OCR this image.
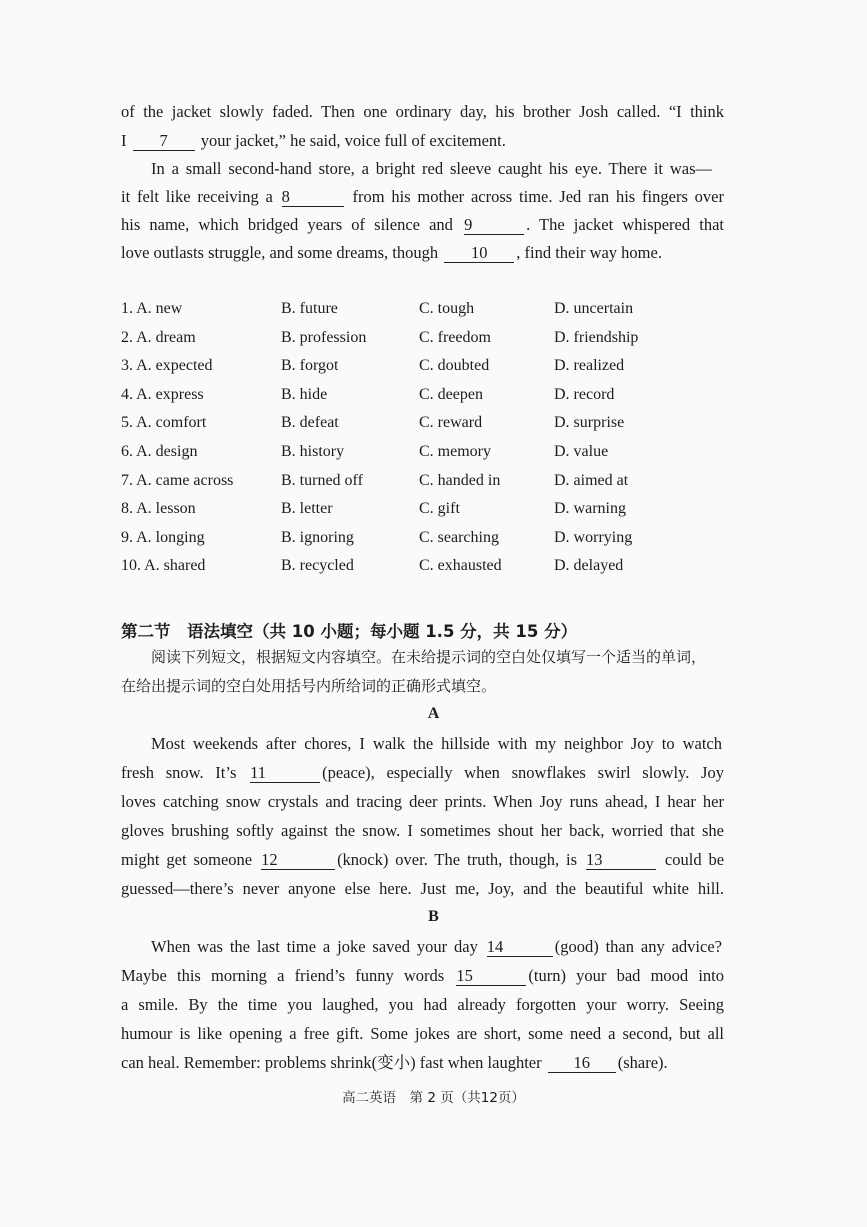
of the jacket slowly faded. Then one ordinary day, his brother Josh called. “I think
I 7 your jacket,” he said, voice full of excitement.
In a small second-hand store, a bright red sleeve caught his eye. There it was—
it felt like receiving a 8	from his mother across time. Jed ran his fingers over
his name, which bridged years of silence and 9	. The jacket whispered that
love outlasts struggle, and some dreams, though 10 , find their way home.
1. A. new	B. future	C. tough	D. uncertain
2. A. dream	B. profession	C. freedom	D. friendship
3. A. expected	B. forgot	C. doubted	D. realized
4. A. express	B. hide	C. deepen	D. record
5. A. comfort	B. defeat	C. reward	D. surprise
6. A. design	B. history	C. memory	D. value
7. A. came across	B. turned off	C. handed in	D. aimed at
8. A. lesson	B. letter	C. gift	D. warning
9. A. longing	B. ignoring	C. searching	D. worrying
10. A. shared	B. recycled	C. exhausted	D. delayed
第二节　语法填空（共 10 小题；每小题 1.5 分，共 15 分）
阅读下列短文，根据短文内容填空。在未给提示词的空白处仅填写一个适当的单词，
在给出提示词的空白处用括号内所给词的正确形式填空。
A
Most weekends after chores, I walk the hillside with my neighbor Joy to watch
fresh snow. It’s 11	(peace), especially when snowflakes swirl slowly. Joy
loves catching snow crystals and tracing deer prints. When Joy runs ahead, I hear her
gloves brushing softly against the snow. I sometimes shout her back, worried that she
might get someone 12	(knock) over. The truth, though, is 13	could be
guessed—there’s never anyone else here. Just me, Joy, and the beautiful white hill.
B
When was the last time a joke saved your day 14	(good) than any advice?
Maybe this morning a friend’s funny words 15	(turn) your bad mood into
a smile. By the time you laughed, you had already forgotten your worry. Seeing
humour is like opening a free gift. Some jokes are short, some need a second, but all
can heal. Remember: problems shrink(变小) fast when laughter 16 (share).
高二英语　第 2 页（共12页）
